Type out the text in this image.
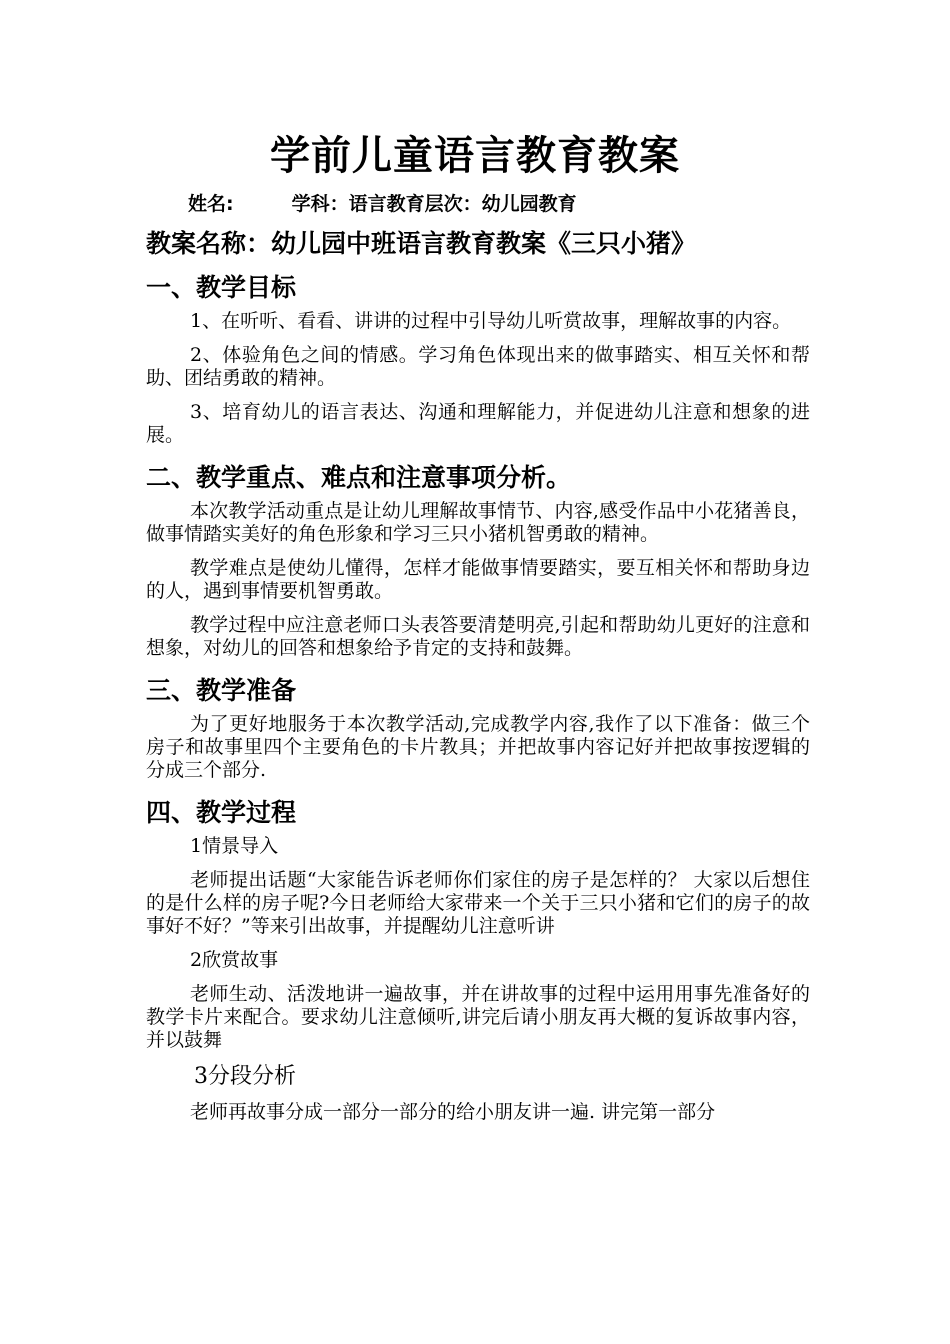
学前儿童语言教育教案
姓名:	学科：语言教育层次：幼儿园教育
教案名称：幼儿园中班语言教育教案《三只小猪》
一、教学目标

1、在听听、看看、讲讲的过程中引导幼儿听赏故事，理解故事的内容。

2、体验角色之间的情感。学习角色体现出来的做事踏实、相互关怀和帮助、团结勇敢的精神。

3、培育幼儿的语言表达、沟通和理解能力，并促进幼儿注意和想象的进展。

二、教学重点、难点和注意事项分析。

本次教学活动重点是让幼儿理解故事情节、内容,感受作品中小花猪善良，做事情踏实美好的角色形象和学习三只小猪机智勇敢的精神。

教学难点是使幼儿懂得，怎样才能做事情要踏实，要互相关怀和帮助身边的人，遇到事情要机智勇敢。

教学过程中应注意老师口头表答要清楚明亮,引起和帮助幼儿更好的注意和想象，对幼儿的回答和想象给予肯定的支持和鼓舞。

三、教学准备

为了更好地服务于本次教学活动,完成教学内容,我作了以下准备：做三个房子和故事里四个主要角色的卡片教具；并把故事内容记好并把故事按逻辑的分成三个部分.

四、教学过程
1情景导入

老师提出话题“大家能告诉老师你们家住的房子是怎样的？ 大家以后想住的是什么样的房子呢?今日老师给大家带来一个关于三只小猪和它们的房子的故事好不好？”等来引出故事，并提醒幼儿注意听讲

2欣赏故事

老师生动、活泼地讲一遍故事，并在讲故事的过程中运用用事先准备好的教学卡片来配合。要求幼儿注意倾听,讲完后请小朋友再大概的复诉故事内容，并以鼓舞

3分段分析

老师再故事分成一部分一部分的给小朋友讲一遍. 讲完第一部分
